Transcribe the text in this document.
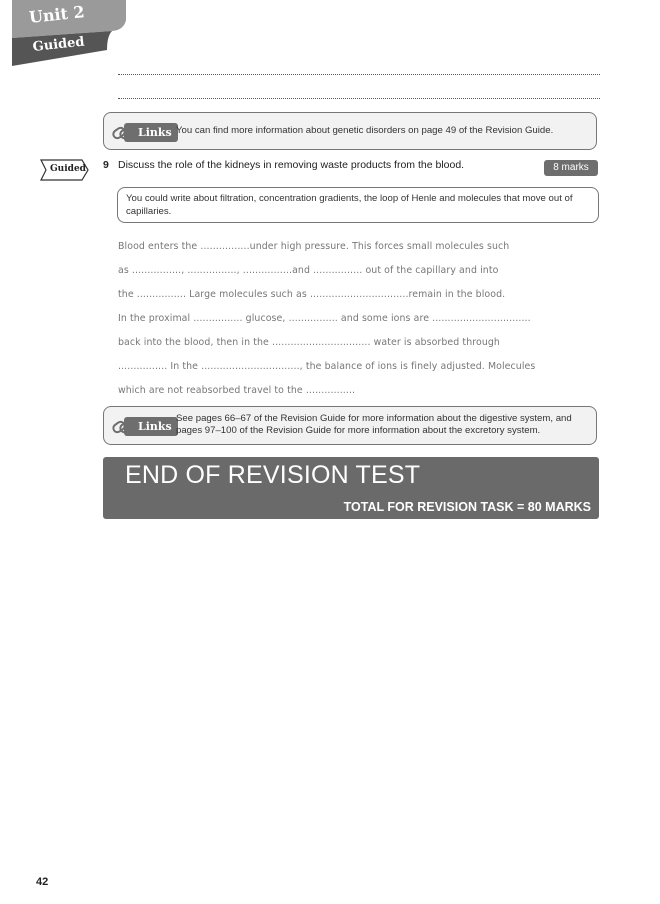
Unit 2
Guided
Links You can find more information about genetic disorders on page 49 of the Revision Guide.
Guided 9 Discuss the role of the kidneys in removing waste products from the blood.	8 marks
You could write about filtration, concentration gradients, the loop of Henle and molecules that move out of capillaries.
Blood enters the ................under high pressure. This forces small molecules such
as ................, ................, ................and ................ out of the capillary and into
the ................ Large molecules such as ................................remain in the blood.
In the proximal ................ glucose, ................ and some ions are ................................
back into the blood, then in the ................................ water is absorbed through
................ In the ................................, the balance of ions is finely adjusted. Molecules
which are not reabsorbed travel to the ................
Links
See pages 66–67 of the Revision Guide for more information about the digestive system, and pages 97–100 of the Revision Guide for more information about the excretory system.
END OF REVISION TEST
TOTAL FOR REVISION TASK = 80 MARKS
42
